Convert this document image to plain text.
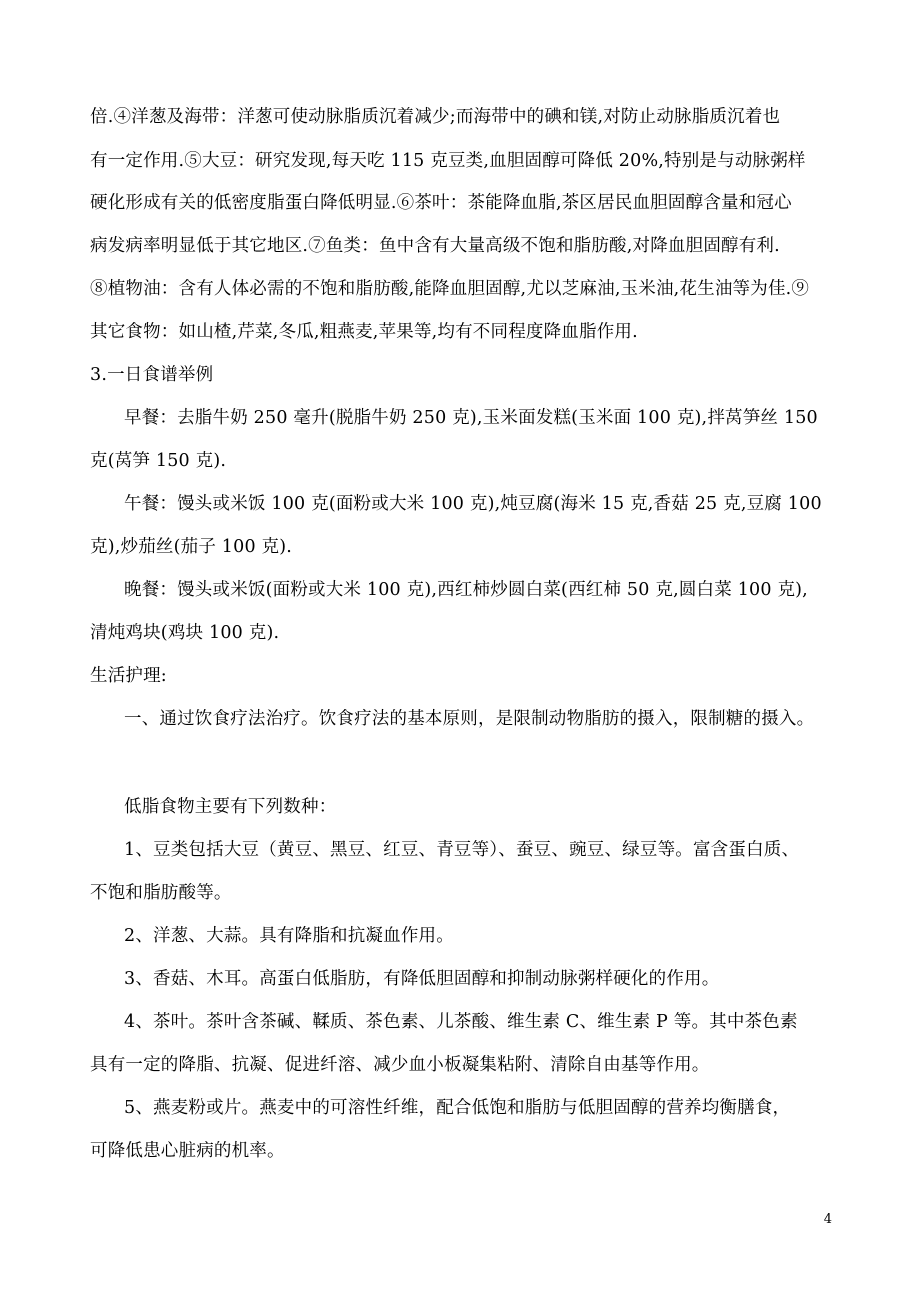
倍.④洋葱及海带：洋葱可使动脉脂质沉着减少;而海带中的碘和镁,对防止动脉脂质沉着也
有一定作用.⑤大豆：研究发现,每天吃 115 克豆类,血胆固醇可降低 20%,特别是与动脉粥样
硬化形成有关的低密度脂蛋白降低明显.⑥茶叶：茶能降血脂,茶区居民血胆固醇含量和冠心
病发病率明显低于其它地区.⑦鱼类：鱼中含有大量高级不饱和脂肪酸,对降血胆固醇有利.
⑧植物油：含有人体必需的不饱和脂肪酸,能降血胆固醇,尤以芝麻油,玉米油,花生油等为佳.⑨
其它食物：如山楂,芹菜,冬瓜,粗燕麦,苹果等,均有不同程度降血脂作用.
3.一日食谱举例
早餐：去脂牛奶 250 毫升(脱脂牛奶 250 克),玉米面发糕(玉米面 100 克),拌莴笋丝 150
克(莴笋 150 克).
午餐：馒头或米饭 100 克(面粉或大米 100 克),炖豆腐(海米 15 克,香菇 25 克,豆腐 100
克),炒茄丝(茄子 100 克).
晚餐：馒头或米饭(面粉或大米 100 克),西红柿炒圆白菜(西红柿 50 克,圆白菜 100 克),
清炖鸡块(鸡块 100 克).
生活护理:
一、通过饮食疗法治疗。饮食疗法的基本原则，是限制动物脂肪的摄入，限制糖的摄入。
低脂食物主要有下列数种：
1、豆类包括大豆（黄豆、黑豆、红豆、青豆等）、蚕豆、豌豆、绿豆等。富含蛋白质、
不饱和脂肪酸等。
2、洋葱、大蒜。具有降脂和抗凝血作用。
3、香菇、木耳。高蛋白低脂肪，有降低胆固醇和抑制动脉粥样硬化的作用。
4、茶叶。茶叶含茶碱、鞣质、茶色素、儿茶酸、维生素 C、维生素 P 等。其中茶色素
具有一定的降脂、抗凝、促进纤溶、减少血小板凝集粘附、清除自由基等作用。
5、燕麦粉或片。燕麦中的可溶性纤维，配合低饱和脂肪与低胆固醇的营养均衡膳食，
可降低患心脏病的机率。
4
